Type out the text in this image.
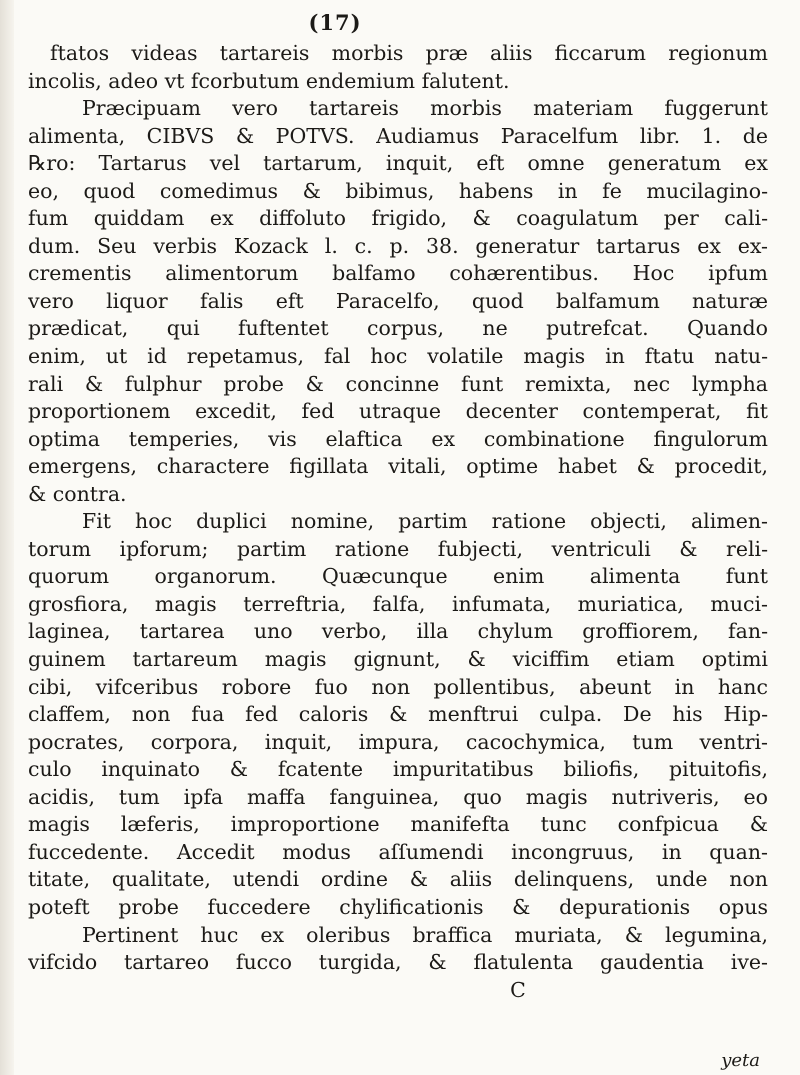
(17)
ftatos videas tartareis morbis præ aliis ficcarum regionum
incolis, adeo vt fcorbutum endemium falutent.
Præcipuam vero tartareis morbis materiam fuggerunt
alimenta, CIBVS & POTVS. Audiamus Paracelfum libr. 1. de
℞ro: Tartarus vel tartarum, inquit, eft omne generatum ex
eo, quod comedimus & bibimus, habens in fe mucilagino-
fum quiddam ex diffoluto frigido, & coagulatum per cali-
dum. Seu verbis Kozack l. c. p. 38. generatur tartarus ex ex-
crementis alimentorum balfamo cohærentibus. Hoc ipfum
vero liquor falis eft Paracelfo, quod balfamum naturæ
prædicat, qui fuftentet corpus, ne putrefcat. Quando
enim, ut id repetamus, fal hoc volatile magis in ftatu natu-
rali & fulphur probe & concinne funt remixta, nec lympha
proportionem excedit, fed utraque decenter contemperat, fit
optima temperies, vis elaftica ex combinatione fingulorum
emergens, charactere figillata vitali, optime habet & procedit,
& contra.
Fit hoc duplici nomine, partim ratione objecti, alimen-
torum ipforum; partim ratione fubjecti, ventriculi & reli-
quorum organorum. Quæcunque enim alimenta funt
grosfiora, magis terreftria, falfa, infumata, muriatica, muci-
laginea, tartarea uno verbo, illa chylum groffiorem, fan-
guinem tartareum magis gignunt, & viciffim etiam optimi
cibi, vifceribus robore fuo non pollentibus, abeunt in hanc
claffem, non fua fed caloris & menftrui culpa. De his Hip-
pocrates, corpora, inquit, impura, cacochymica, tum ventri-
culo inquinato & fcatente impuritatibus biliofis, pituitofis,
acidis, tum ipfa maffa fanguinea, quo magis nutriveris, eo
magis læferis, improportione manifefta tunc confpicua &
fuccedente. Accedit modus aſſumendi incongruus, in quan-
titate, qualitate, utendi ordine & aliis delinquens, unde non
poteft probe fuccedere chylificationis & depurationis opus
Pertinent huc ex oleribus braffica muriata, & legumina,
vifcido tartareo fucco turgida, & flatulenta gaudentia ive-
C
yeta
